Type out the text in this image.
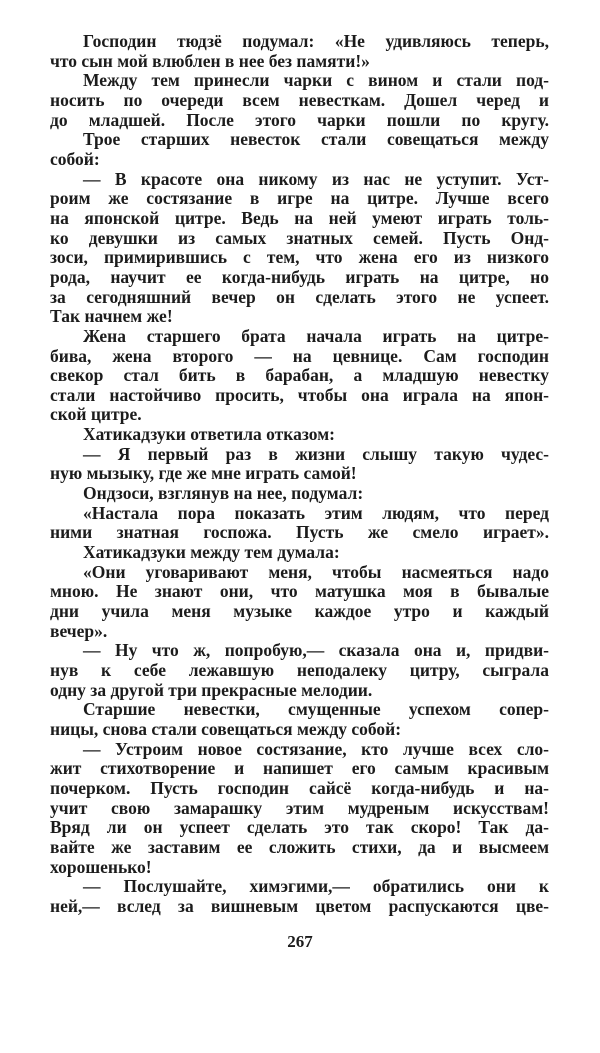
Господин тюдзё подумал: «Не удивляюсь теперь,
что сын мой влюблен в нее без памяти!»
Между тем принесли чарки с вином и стали под-
носить по очереди всем невесткам. Дошел черед и
до младшей. После этого чарки пошли по кругу.
Трое старших невесток стали совещаться между
собой:
— В красоте она никому из нас не уступит. Уст-
роим же состязание в игре на цитре. Лучше всего
на японской цитре. Ведь на ней умеют играть толь-
ко девушки из самых знатных семей. Пусть Онд-
зоси, примирившись с тем, что жена его из низкого
рода, научит ее когда-нибудь играть на цитре, но
за сегодняшний вечер он сделать этого не успеет.
Так начнем же!
Жена старшего брата начала играть на цитре-
бива, жена второго — на цевнице. Сам господин
свекор стал бить в барабан, а младшую невестку
стали настойчиво просить, чтобы она играла на япон-
ской цитре.
Хатикадзуки ответила отказом:
— Я первый раз в жизни слышу такую чудес-
ную мызыку, где же мне играть самой!
Ондзоси, взглянув на нее, подумал:
«Настала пора показать этим людям, что перед
ними знатная госпожа. Пусть же смело играет».
Хатикадзуки между тем думала:
«Они уговаривают меня, чтобы насмеяться надо
мною. Не знают они, что матушка моя в бывалые
дни учила меня музыке каждое утро и каждый
вечер».
— Ну что ж, попробую,— сказала она и, придви-
нув к себе лежавшую неподалеку цитру, сыграла
одну за другой три прекрасные мелодии.
Старшие невестки, смущенные успехом сопер-
ницы, снова стали совещаться между собой:
— Устроим новое состязание, кто лучше всех сло-
жит стихотворение и напишет его самым красивым
почерком. Пусть господин сайсё когда-нибудь и на-
учит свою замарашку этим мудреным искусствам!
Вряд ли он успеет сделать это так скоро! Так да-
вайте же заставим ее сложить стихи, да и высмеем
хорошенько!
— Послушайте, химэгими,— обратились они к
ней,— вслед за вишневым цветом распускаются цве-
267
